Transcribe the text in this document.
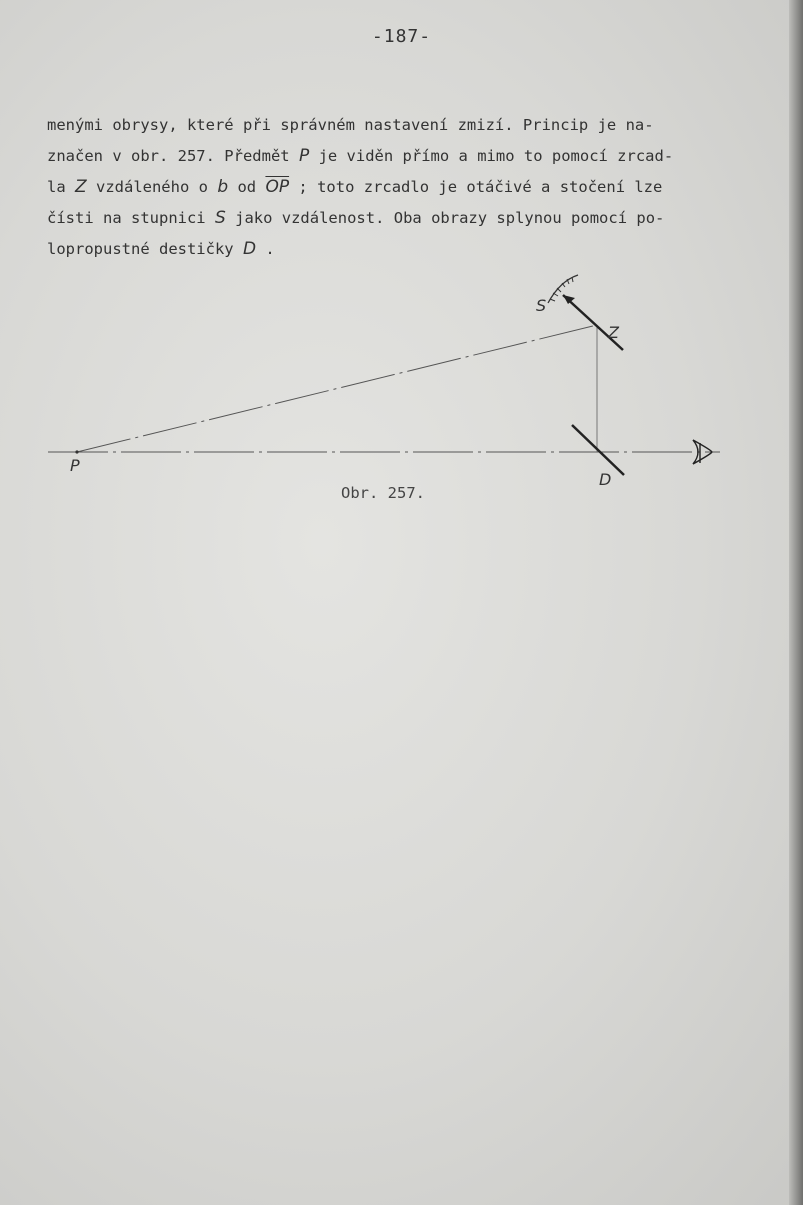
-187-
menými obrysy, které při správném nastavení zmizí. Princip je na-
značen v obr. 257. Předmět P je viděn přímo a mimo to pomocí zrcad-
la Z vzdáleného o b od $\overline{OP}$ ; toto zrcadlo je otáčivé a stočení lze
čísti na stupnici S jako vzdálenost. Oba obrazy splynou pomocí po-
lopropustné destičky D .
P
S
Z
D
Obr. 257.
